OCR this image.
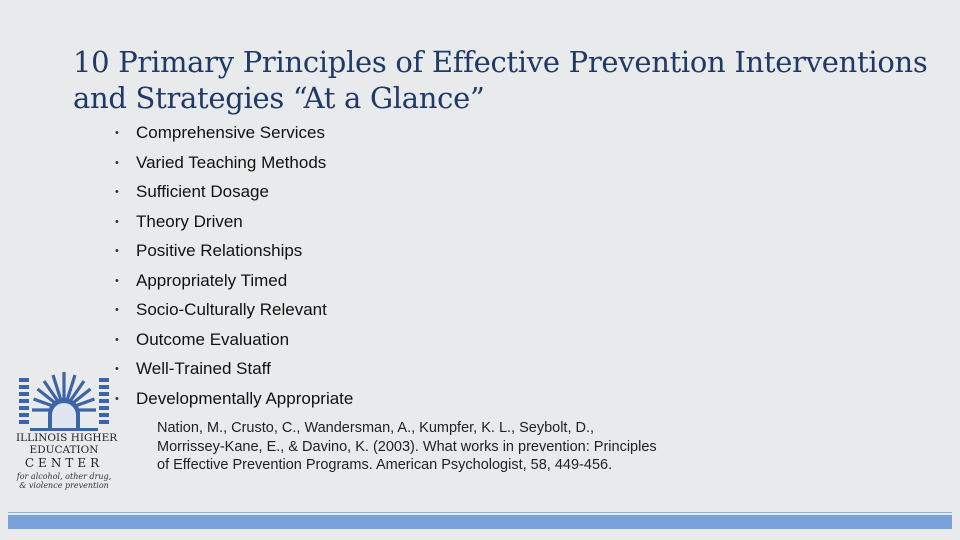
10 Primary Principles of Effective Prevention Interventions
and Strategies “At a Glance”
• Comprehensive Services
• Varied Teaching Methods
• Sufficient Dosage
• Theory Driven
• Positive Relationships
• Appropriately Timed
• Socio-Culturally Relevant
• Outcome Evaluation
• Well-Trained Staff
• Developmentally Appropriate

Nation, M., Crusto, C., Wandersman, A., Kumpfer, K. L., Seybolt, D., Morrissey-Kane, E., & Davino, K. (2003). What works in prevention: Principles of Effective Prevention Programs. American Psychologist, 58, 449-456.

ILLINOIS HIGHER
EDUCATION
CENTER
for alcohol, other drug, & violence prevention
